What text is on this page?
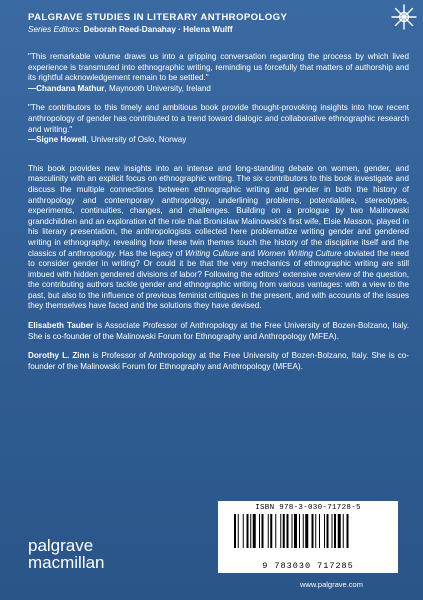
PALGRAVE STUDIES IN LITERARY ANTHROPOLOGY

Series Editors: Deborah Reed-Danahay · Helena Wulff
"This remarkable volume draws us into a gripping conversation regarding the process by which lived experience is transmuted into ethnographic writing, reminding us forcefully that matters of authorship and its rightful acknowledgement remain to be settled."
—Chandana Mathur, Maynooth University, Ireland
"The contributors to this timely and ambitious book provide thought-provoking insights into how recent anthropology of gender has contributed to a trend toward dialogic and collaborative ethnographic research and writing."
—Signe Howell, University of Oslo, Norway
This book provides new insights into an intense and long-standing debate on women, gender, and masculinity with an explicit focus on ethnographic writing. The six contributors to this book investigate and discuss the multiple connections between ethnographic writing and gender in both the history of anthropology and contemporary anthropology, underlining problems, potentialities, stereotypes, experiments, continuities, changes, and challenges. Building on a prologue by two Malinowski grandchildren and an exploration of the role that Bronislaw Malinowski's first wife, Elsie Masson, played in his literary presentation, the anthropologists collected here problematize writing gender and gendered writing in ethnography, revealing how these twin themes touch the history of the discipline itself and the classics of anthropology. Has the legacy of Writing Culture and Women Writing Culture obviated the need to consider gender in writing? Or could it be that the very mechanics of ethnographic writing are still imbued with hidden gendered divisions of labor? Following the editors' extensive overview of the question, the contributing authors tackle gender and ethnographic writing from various vantages: with a view to the past, but also to the influence of previous feminist critiques in the present, and with accounts of the issues they themselves have faced and the solutions they have devised.
Elisabeth Tauber is Associate Professor of Anthropology at the Free University of Bozen-Bolzano, Italy. She is co-founder of the Malinowski Forum for Ethnography and Anthropology (MFEA).
Dorothy L. Zinn is Professor of Anthropology at the Free University of Bozen-Bolzano, Italy. She is co-founder of the Malinowski Forum for Ethnography and Anthropology (MFEA).
ISBN 978-3-030-71728-5
9 783030 717285
palgrave
macmillan
www.palgrave.com
